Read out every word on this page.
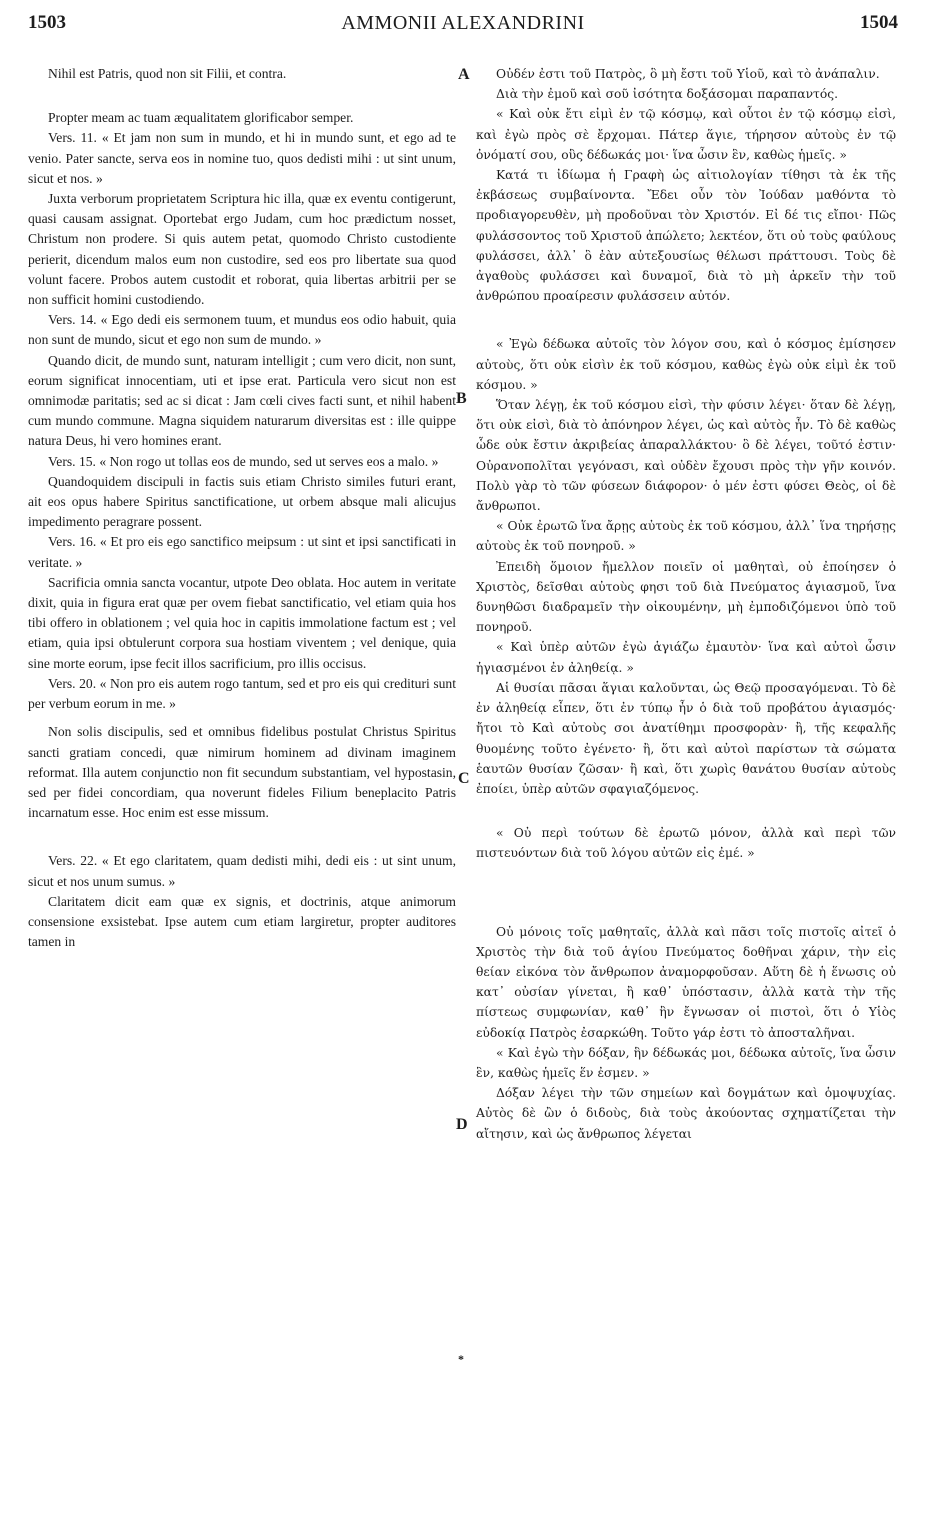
1503	AMMONII ALEXANDRINI	1504
A
B
C
D
*

Nihil est Patris, quod non sit Filii, et contra.

Propter meam ac tuam æqualitatem glorificabor semper.

Vers. 11. « Et jam non sum in mundo, et hi in mundo sunt, et ego ad te venio. Pater sancte, serva eos in nomine tuo, quos dedisti mihi : ut sint unum, sicut et nos. »

Juxta verborum proprietatem Scriptura hic illa, quæ ex eventu contigerunt, quasi causam assignat. Oportebat ergo Judam, cum hoc prædictum nosset, Christum non prodere. Si quis autem petat, quomodo Christo custodiente perierit, dicendum malos eum non custodire, sed eos pro libertate sua quod volunt facere. Probos autem custodit et roborat, quia libertas arbitrii per se non sufficit homini custodiendo.

Vers. 14. « Ego dedi eis sermonem tuum, et mundus eos odio habuit, quia non sunt de mundo, sicut et ego non sum de mundo. »

Quando dicit, de mundo sunt, naturam intelligit ; cum vero dicit, non sunt, eorum significat innocentiam, uti et ipse erat. Particula vero sicut non est omnimodæ paritatis; sed ac si dicat : Jam cœli cives facti sunt, et nihil habent cum mundo commune. Magna siquidem naturarum diversitas est : ille quippe natura Deus, hi vero homines erant.

Vers. 15. « Non rogo ut tollas eos de mundo, sed ut serves eos a malo. »

Quandoquidem discipuli in factis suis etiam Christo similes futuri erant, ait eos opus habere Spiritus sanctificatione, ut orbem absque mali alicujus impedimento peragrare possent.

Vers. 16. « Et pro eis ego sanctifico meipsum : ut sint et ipsi sanctificati in veritate. »

Sacrificia omnia sancta vocantur, utpote Deo oblata. Hoc autem in veritate dixit, quia in figura erat quæ per ovem fiebat sanctificatio, vel etiam quia hos tibi offero in oblationem ; vel quia hoc in capitis immolatione factum est ; vel etiam, quia ipsi obtulerunt corpora sua hostiam viventem ; vel denique, quia sine morte eorum, ipse fecit illos sacrificium, pro illis occisus.

Vers. 20. « Non pro eis autem rogo tantum, sed et pro eis qui credituri sunt per verbum eorum in me. »

Non solis discipulis, sed et omnibus fidelibus postulat Christus Spiritus sancti gratiam concedi, quæ nimirum hominem ad divinam imaginem reformat. Illa autem conjunctio non fit secundum substantiam, vel hypostasin, sed per fidei concordiam, qua noverunt fideles Filium beneplacito Patris incarnatum esse. Hoc enim est esse missum.

Vers. 22. « Et ego claritatem, quam dedisti mihi, dedi eis : ut sint unum, sicut et nos unum sumus. »

Claritatem dicit eam quæ ex signis, et doctrinis, atque animorum consensione exsistebat. Ipse autem cum etiam largiretur, propter auditores tamen in

Οὐδέν ἐστι τοῦ Πατρὸς, ὃ μὴ ἔστι τοῦ Υἱοῦ, καὶ τὸ ἀνάπαλιν.

Διὰ τὴν ἐμοῦ καὶ σοῦ ἰσότητα δοξάσομαι παραπαντός.

« Καὶ οὐκ ἔτι εἰμὶ ἐν τῷ κόσμῳ, καὶ οὗτοι ἐν τῷ κόσμῳ εἰσὶ, καὶ ἐγὼ πρὸς σὲ ἔρχομαι. Πάτερ ἅγιε, τήρησον αὐτοὺς ἐν τῷ ὀνόματί σου, οὓς δέδωκάς μοι· ἵνα ὦσιν ἓν, καθὼς ἡμεῖς. »

Κατά τι ἰδίωμα ἡ Γραφὴ ὡς αἰτιολογίαν τίθησι τὰ ἐκ τῆς ἐκβάσεως συμβαίνοντα. Ἔδει οὖν τὸν Ἰούδαν μαθόντα τὸ προδιαγορευθὲν, μὴ προδοῦναι τὸν Χριστόν. Εἰ δέ τις εἴποι· Πῶς φυλάσσοντος τοῦ Χριστοῦ ἀπώλετο; λεκτέον, ὅτι οὐ τοὺς φαύλους φυλάσσει, ἀλλ᾽ ὃ ἐὰν αὐτεξουσίως θέλωσι πράττουσι. Τοὺς δὲ ἀγαθοὺς φυλάσσει καὶ δυναμοῖ, διὰ τὸ μὴ ἀρκεῖν τὴν τοῦ ἀνθρώπου προαίρεσιν φυλάσσειν αὐτόν.

« Ἐγὼ δέδωκα αὐτοῖς τὸν λόγον σου, καὶ ὁ κόσμος ἐμίσησεν αὐτοὺς, ὅτι οὐκ εἰσὶν ἐκ τοῦ κόσμου, καθὼς ἐγὼ οὐκ εἰμὶ ἐκ τοῦ κόσμου. »

Ὅταν λέγῃ, ἐκ τοῦ κόσμου εἰσὶ, τὴν φύσιν λέγει· ὅταν δὲ λέγῃ, ὅτι οὐκ εἰσὶ, διὰ τὸ ἀπόνηρον λέγει, ὡς καὶ αὐτὸς ἦν. Τὸ δὲ καθὼς ὧδε οὐκ ἔστιν ἀκριβείας ἀπαραλλάκτου· ὃ δὲ λέγει, τοῦτό ἐστιν· Οὐρανοπολῖται γεγόνασι, καὶ οὐδὲν ἔχουσι πρὸς τὴν γῆν κοινόν. Πολὺ γὰρ τὸ τῶν φύσεων διάφορον· ὁ μέν ἐστι φύσει Θεὸς, οἱ δὲ ἄνθρωποι.

« Οὐκ ἐρωτῶ ἵνα ἄρῃς αὐτοὺς ἐκ τοῦ κόσμου, ἀλλ᾽ ἵνα τηρήσῃς αὐτοὺς ἐκ τοῦ πονηροῦ. »

Ἐπειδὴ ὅμοιον ἤμελλον ποιεῖν οἱ μαθηταὶ, οὐ ἐποίησεν ὁ Χριστὸς, δεῖσθαι αὐτοὺς φησι τοῦ διὰ Πνεύματος ἁγιασμοῦ, ἵνα δυνηθῶσι διαδραμεῖν τὴν οἰκουμένην, μὴ ἐμποδιζόμενοι ὑπὸ τοῦ πονηροῦ.

« Καὶ ὑπὲρ αὐτῶν ἐγὼ ἁγιάζω ἐμαυτὸν· ἵνα καὶ αὐτοὶ ὦσιν ἡγιασμένοι ἐν ἀληθείᾳ. »

Αἱ θυσίαι πᾶσαι ἅγιαι καλοῦνται, ὡς Θεῷ προσαγόμεναι. Τὸ δὲ ἐν ἀληθείᾳ εἶπεν, ὅτι ἐν τύπῳ ἦν ὁ διὰ τοῦ προβάτου ἁγιασμός· ἤτοι τὸ Καὶ αὐτοὺς σοι ἀνατίθημι προσφορὰν· ἢ, τῆς κεφαλῆς θυομένης τοῦτο ἐγένετο· ἢ, ὅτι καὶ αὐτοὶ παρίστων τὰ σώματα ἑαυτῶν θυσίαν ζῶσαν· ἢ καὶ, ὅτι χωρὶς θανάτου θυσίαν αὐτοὺς ἐποίει, ὑπὲρ αὐτῶν σφαγιαζόμενος.

« Οὐ περὶ τούτων δὲ ἐρωτῶ μόνον, ἀλλὰ καὶ περὶ τῶν πιστευόντων διὰ τοῦ λόγου αὐτῶν εἰς ἐμέ. »

Οὐ μόνοις τοῖς μαθηταῖς, ἀλλὰ καὶ πᾶσι τοῖς πιστοῖς αἰτεῖ ὁ Χριστὸς τὴν διὰ τοῦ ἁγίου Πνεύματος δοθῆναι χάριν, τὴν εἰς θείαν εἰκόνα τὸν ἄνθρωπον ἀναμορφοῦσαν. Αὕτη δὲ ἡ ἕνωσις οὐ κατ᾽ οὐσίαν γίνεται, ἢ καθ᾽ ὑπόστασιν, ἀλλὰ κατὰ τὴν τῆς πίστεως συμφωνίαν, καθ᾽ ἣν ἔγνωσαν οἱ πιστοὶ, ὅτι ὁ Υἱὸς εὐδοκίᾳ Πατρὸς ἐσαρκώθη. Τοῦτο γάρ ἐστι τὸ ἀποσταλῆναι.

« Καὶ ἐγὼ τὴν δόξαν, ἣν δέδωκάς μοι, δέδωκα αὐτοῖς, ἵνα ὦσιν ἓν, καθὼς ἡμεῖς ἕν ἐσμεν. »

Δόξαν λέγει τὴν τῶν σημείων καὶ δογμάτων καὶ ὁμοψυχίας. Αὐτὸς δὲ ὢν ὁ διδοὺς, διὰ τοὺς ἀκούοντας σχηματίζεται τὴν αἴτησιν, καὶ ὡς ἄνθρωπος λέγεται
